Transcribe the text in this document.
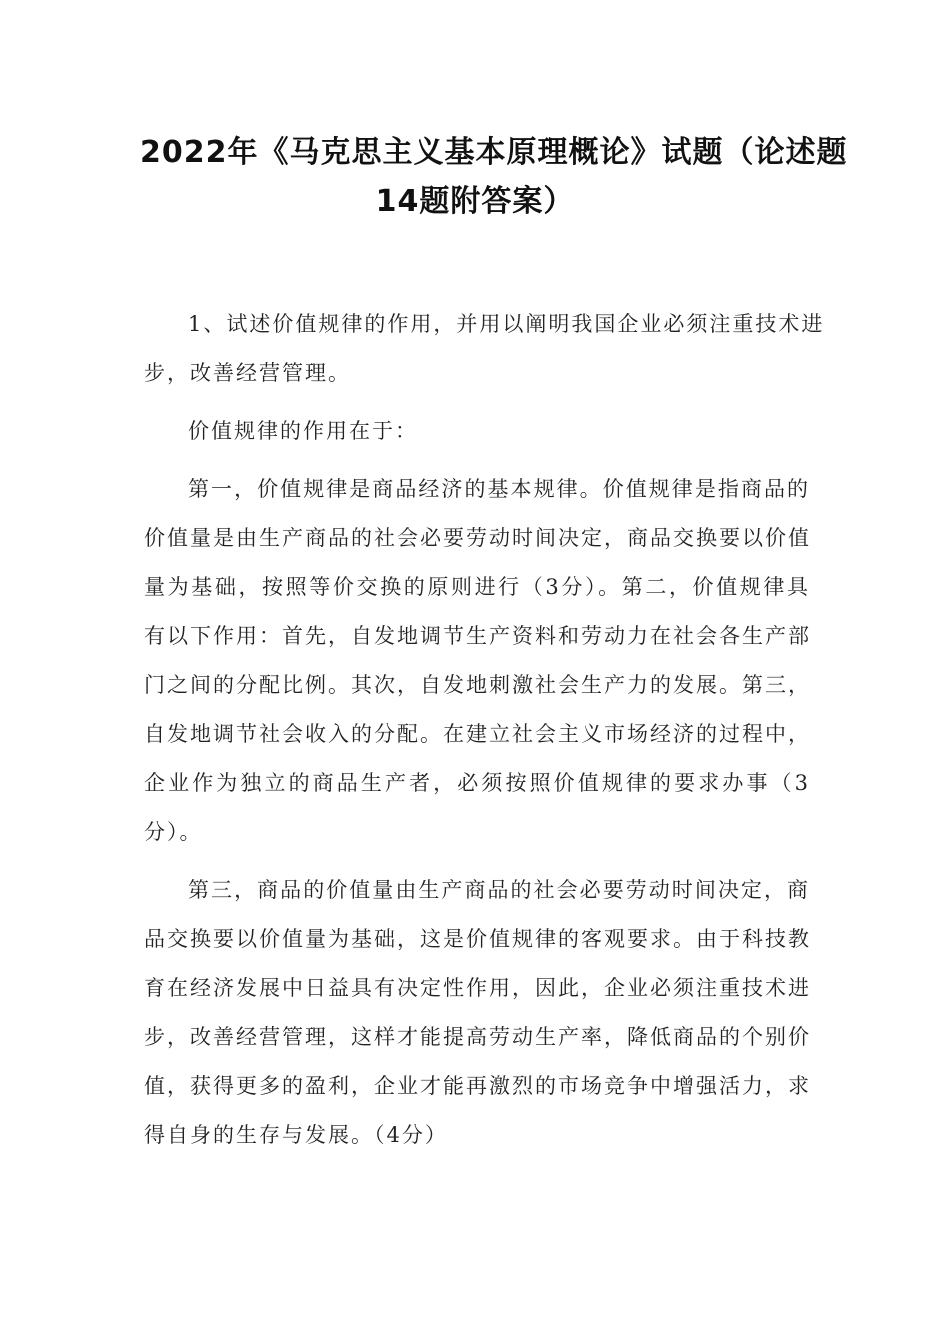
2022年《马克思主义基本原理概论》试题（论述题
14题附答案）
1、试述价值规律的作用，并用以阐明我国企业必须注重技术进
步，改善经营管理。
价值规律的作用在于：
第一，价值规律是商品经济的基本规律。价值规律是指商品的
价值量是由生产商品的社会必要劳动时间决定，商品交换要以价值
量为基础，按照等价交换的原则进行（3分）。第二，价值规律具
有以下作用：首先，自发地调节生产资料和劳动力在社会各生产部
门之间的分配比例。其次，自发地刺激社会生产力的发展。第三，
自发地调节社会收入的分配。在建立社会主义市场经济的过程中，
企业作为独立的商品生产者，必须按照价值规律的要求办事（3
分）。
第三，商品的价值量由生产商品的社会必要劳动时间决定，商
品交换要以价值量为基础，这是价值规律的客观要求。由于科技教
育在经济发展中日益具有决定性作用，因此，企业必须注重技术进
步，改善经营管理，这样才能提高劳动生产率，降低商品的个别价
值，获得更多的盈利，企业才能再激烈的市场竞争中增强活力，求
得自身的生存与发展。（4分）
